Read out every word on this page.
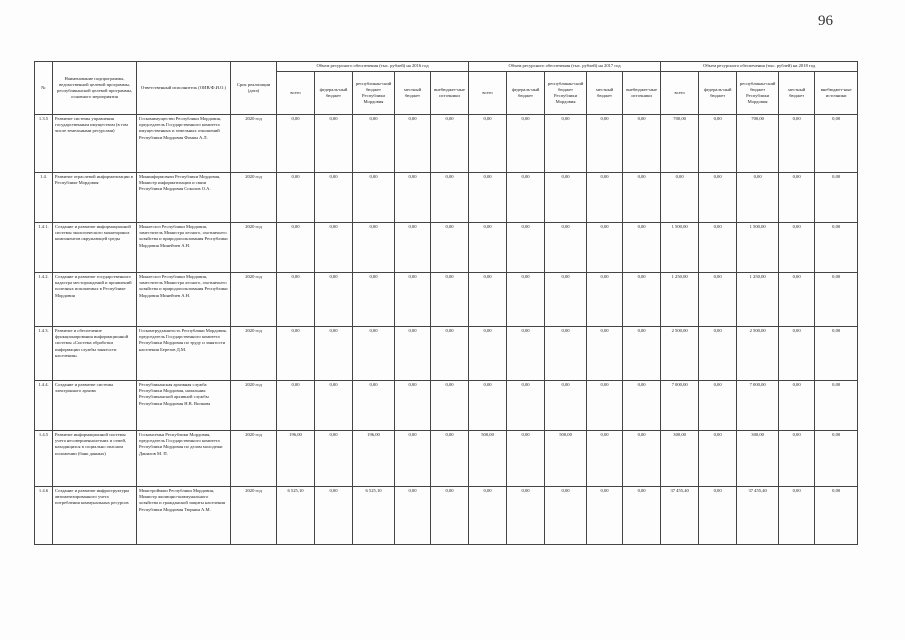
96
№	Наименование подпрограммы, ведомственной целевой программы, республиканской целевой программы, основного мероприятия	Ответственный исполнитель (ОИВ/Ф.И.О.)	Срок реализации (дата)	Объем ресурсного обеспечения (тыс. рублей) на 2016 год					Объем ресурсного обеспечения (тыс. рублей) на 2017 год					Объем ресурсного обеспечения (тыс. рублей) на 2018 год				
				всего	федераль-ный бюджет	республикан-ский бюджет Республики Мордовия	местный бюджет	внебюджет-ные источники	всего	федераль-ный бюджет	республикан-ский бюджет Республики Мордовия	местный бюджет	внебюджет-ные источники	всего	федераль-ный бюджет	республикан-ский бюджет Республики Мордовия	местный бюджет	внебюджет-ные источники
1.3.5	Развитие системы управления государственным имуществом (в том числе земельными ресурсами)	Госкомимущество Республики Мордовия, председатель Государственного комитета имущественных и земельных отношений Республики Мордовия Фомин А.Л.	2020 год	0,00	0,00	0,00	0,00	0,00	0,00	0,00	0,00	0,00	0,00	700,00	0,00	700,00	0,00	0,00
1.4.	Развитие отраслевой информатизации в Республике Мордовия	Мининформсвязи Республики Мордовия, Министр информатизации и связи Республики Мордовия Соколов О.А.	2020 год	0,00	0,00	0,00	0,00	0,00	0,00	0,00	0,00	0,00	0,00	0,00	0,00	0,00	0,00	0,00
1.4.1.	Создание и развитие информационной системы экологического мониторинга компонентов окружающей среды	Минлесхоз Республики Мордовия, заместитель Министра лесного, охотничьего хозяйства и природопользования Республики Мордовия Минейчев А.Н.	2020 год	0,00	0,00	0,00	0,00	0,00	0,00	0,00	0,00	0,00	0,00	1 500,00	0,00	1 500,00	0,00	0,00
1.4.2.	Создание и развитие государственного кадастра месторождений и проявлений полезных ископаемых в Республике Мордовия	Минлесхоз Республики Мордовия, заместитель Министра лесного, охотничьего хозяйства и природопользования Республики Мордовия Минейчев А.Н.	2020 год	0,00	0,00	0,00	0,00	0,00	0,00	0,00	0,00	0,00	0,00	1 250,00	0,00	1 250,00	0,00	0,00
1.4.3.	Развитие и обеспечение функционирования информационной системы «Система обработки информации службы занятости населения»	Госкомтрудзанятость Республики Мордовия, председатель Государственного комитета Республики Мордовия по труду и занятости населения Березов Д.М.	2020 год	0,00	0,00	0,00	0,00	0,00	0,00	0,00	0,00	0,00	0,00	2 500,00	0,00	2 500,00	0,00	0,00
1.4.4.	Создание и развитие системы электронного архива	Республиканская архивная служба Республики Мордовия, начальник Республиканской архивной службы Республики Мордовия Н.В. Вилкова	2020 год	0,00	0,00	0,00	0,00	0,00	0,00	0,00	0,00	0,00	0,00	7 000,00	0,00	7 000,00	0,00	0,00
1.4.5	Развитие информационной системы учета несовершеннолетних и семей, находящихся в социально опасном положении (банк данных)	Госкомсемья Республики Мордовия, председатель Государственного комитета Республики Мордовия по делам молодежи Данилов М. П.	2020 год	196,00	0,00	196,00	0,00	0,00	500,00	0,00	500,00	0,00	0,00	300,00	0,00	300,00	0,00	0,00
1.4.6	Создание и развитие инфраструктуры автоматизированного учета потребления коммунальных ресурсов	Минстроймаш Республики Мордовия, Министр жилищно-коммунального хозяйства и гражданской защиты населения Республики Мордовия Тюрнин А.М.	2020 год	6 525,10	0,00	6 525,10	0,00	0,00	0,00	0,00	0,00	0,00	0,00	37 455,40	0,00	37 455,40	0,00	0,00
